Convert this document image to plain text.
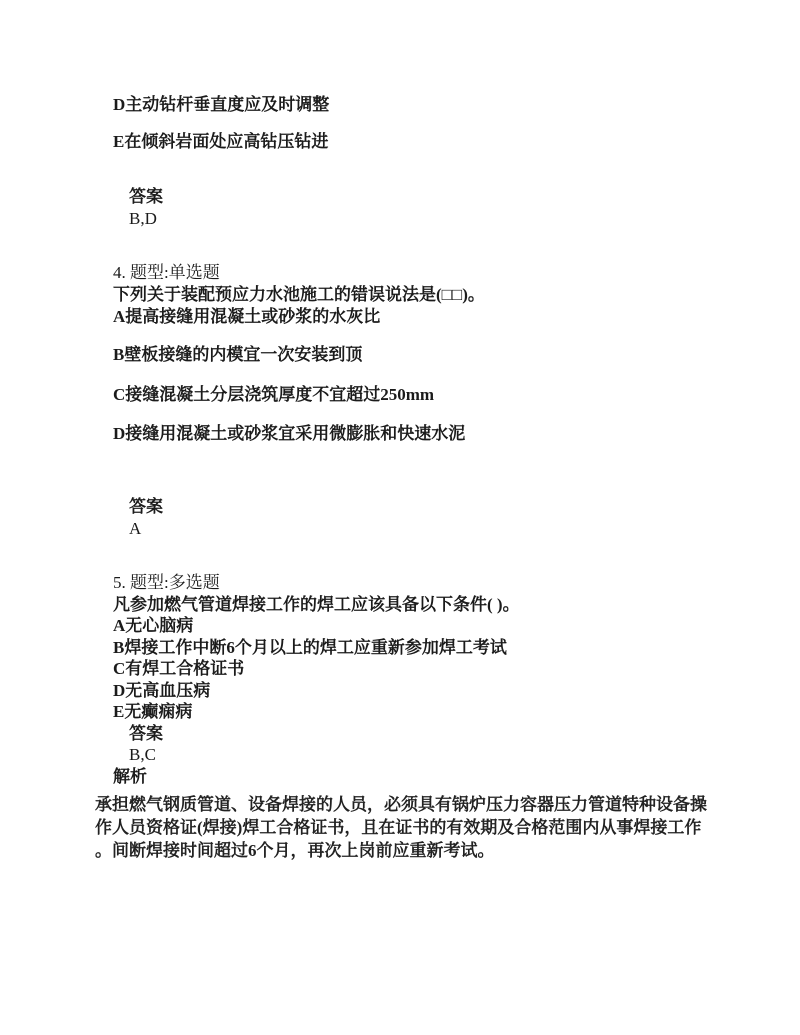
D主动钻杆垂直度应及时调整
E在倾斜岩面处应高钻压钻进
答案
B,D
4. 题型:单选题
下列关于装配预应力水池施工的错误说法是(□□)。
A提高接缝用混凝土或砂浆的水灰比
B壁板接缝的内模宜一次安装到顶
C接缝混凝土分层浇筑厚度不宜超过250mm
D接缝用混凝土或砂浆宜采用微膨胀和快速水泥
答案
A
5. 题型:多选题
凡参加燃气管道焊接工作的焊工应该具备以下条件( )。
A无心脑病
B焊接工作中断6个月以上的焊工应重新参加焊工考试
C有焊工合格证书
D无高血压病
E无癫痫病
答案
B,C
解析
承担燃气钢质管道、设备焊接的人员，必须具有锅炉压力容器压力管道特种设备操
作人员资格证(焊接)焊工合格证书，且在证书的有效期及合格范围内从事焊接工作
。间断焊接时间超过6个月，再次上岗前应重新考试。
